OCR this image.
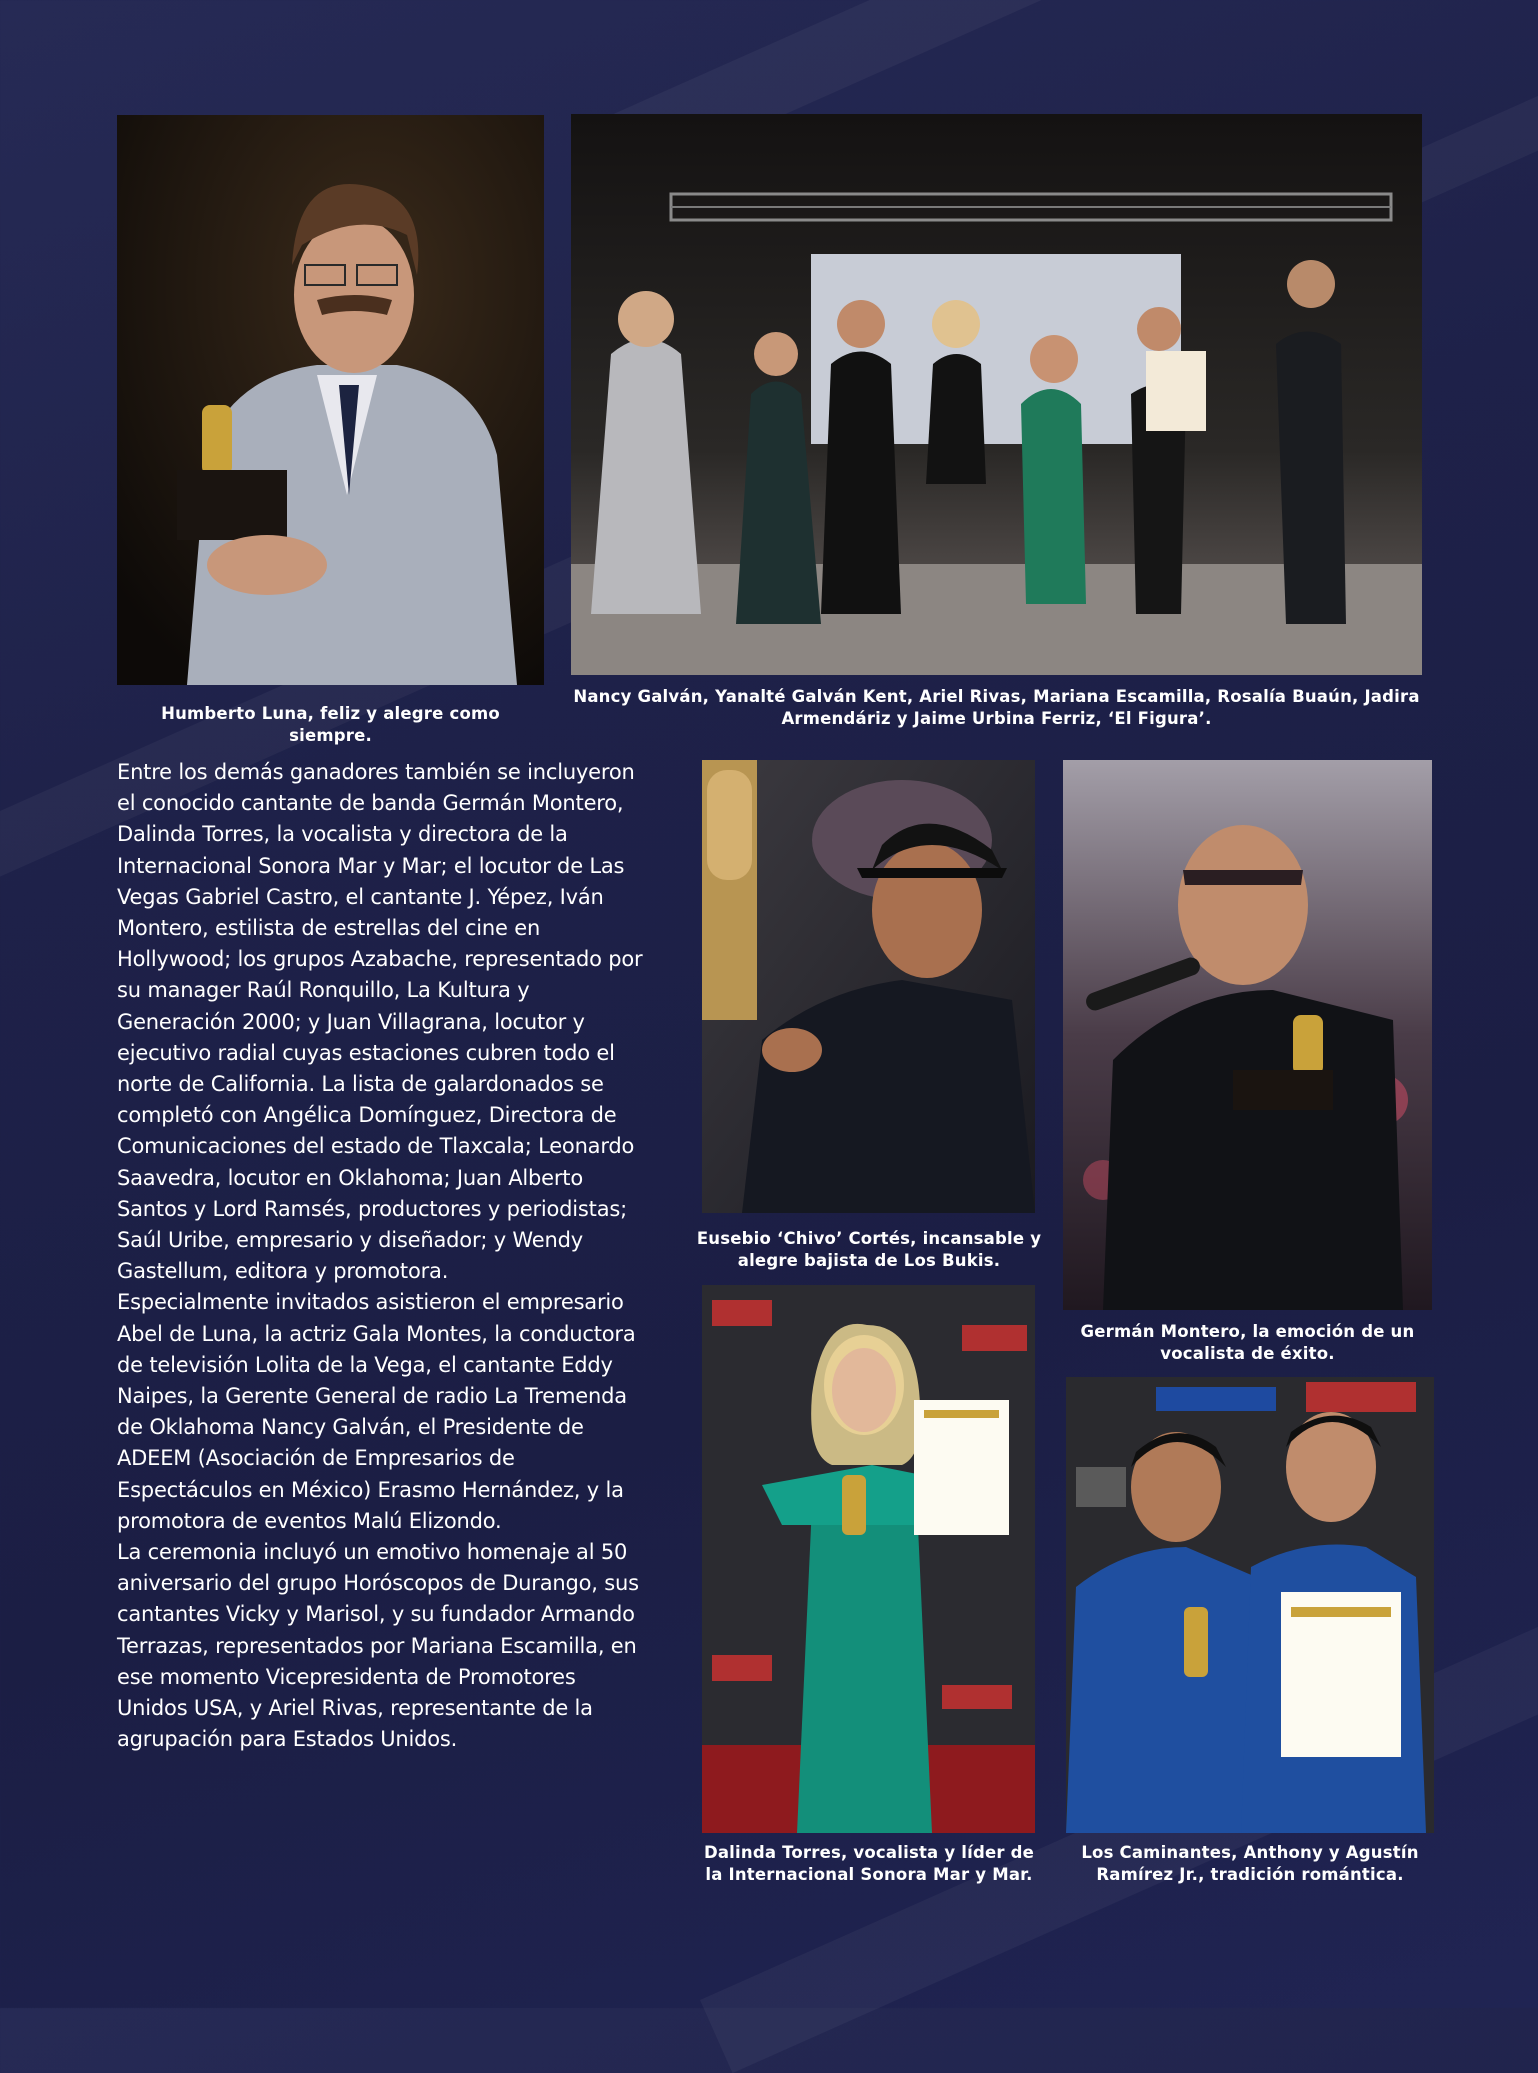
Humberto Luna, feliz y alegre como siempre.
Nancy Galván, Yanalté Galván Kent, Ariel Rivas, Mariana Escamilla, Rosalía Buaún, Jadira Armendáriz y Jaime Urbina Ferriz, ‘El Figura’.

Entre los demás ganadores también se incluyeron el conocido cantante de banda Germán Montero, Dalinda Torres, la vocalista y directora de la Internacional Sonora Mar y Mar; el locutor de Las Vegas Gabriel Castro, el cantante J. Yépez, Iván Montero, estilista de estrellas del cine en Hollywood; los grupos Azabache, representado por su manager Raúl Ronquillo, La Kultura y Generación 2000; y Juan Villagrana, locutor y ejecutivo radial cuyas estaciones cubren todo el norte de California. La lista de galardonados se completó con Angélica Domínguez, Directora de Comunicaciones del estado de Tlaxcala; Leonardo Saavedra, locutor en Oklahoma; Juan Alberto Santos y Lord Ramsés, productores y periodistas; Saúl Uribe, empresario y diseñador; y Wendy Gastellum, editora y promotora.

Especialmente invitados asistieron el empresario Abel de Luna, la actriz Gala Montes, la conductora de televisión Lolita de la Vega, el cantante Eddy Naipes, la Gerente General de radio La Tremenda de Oklahoma Nancy Galván, el Presidente de ADEEM (Asociación de Empresarios de Espectáculos en México) Erasmo Hernández, y la promotora de eventos Malú Elizondo.

La ceremonia incluyó un emotivo homenaje al 50 aniversario del grupo Horóscopos de Durango, sus cantantes Vicky y Marisol, y su fundador Armando Terrazas, representados por Mariana Escamilla, en ese momento Vicepresidenta de Promotores Unidos USA, y Ariel Rivas, representante de la agrupación para Estados Unidos.

Eusebio ‘Chivo’ Cortés, incansable y alegre bajista de Los Bukis.
Germán Montero, la emoción de un vocalista de éxito.
Dalinda Torres, vocalista y líder de la Internacional Sonora Mar y Mar.
Los Caminantes, Anthony y Agustín Ramírez Jr., tradición romántica.
